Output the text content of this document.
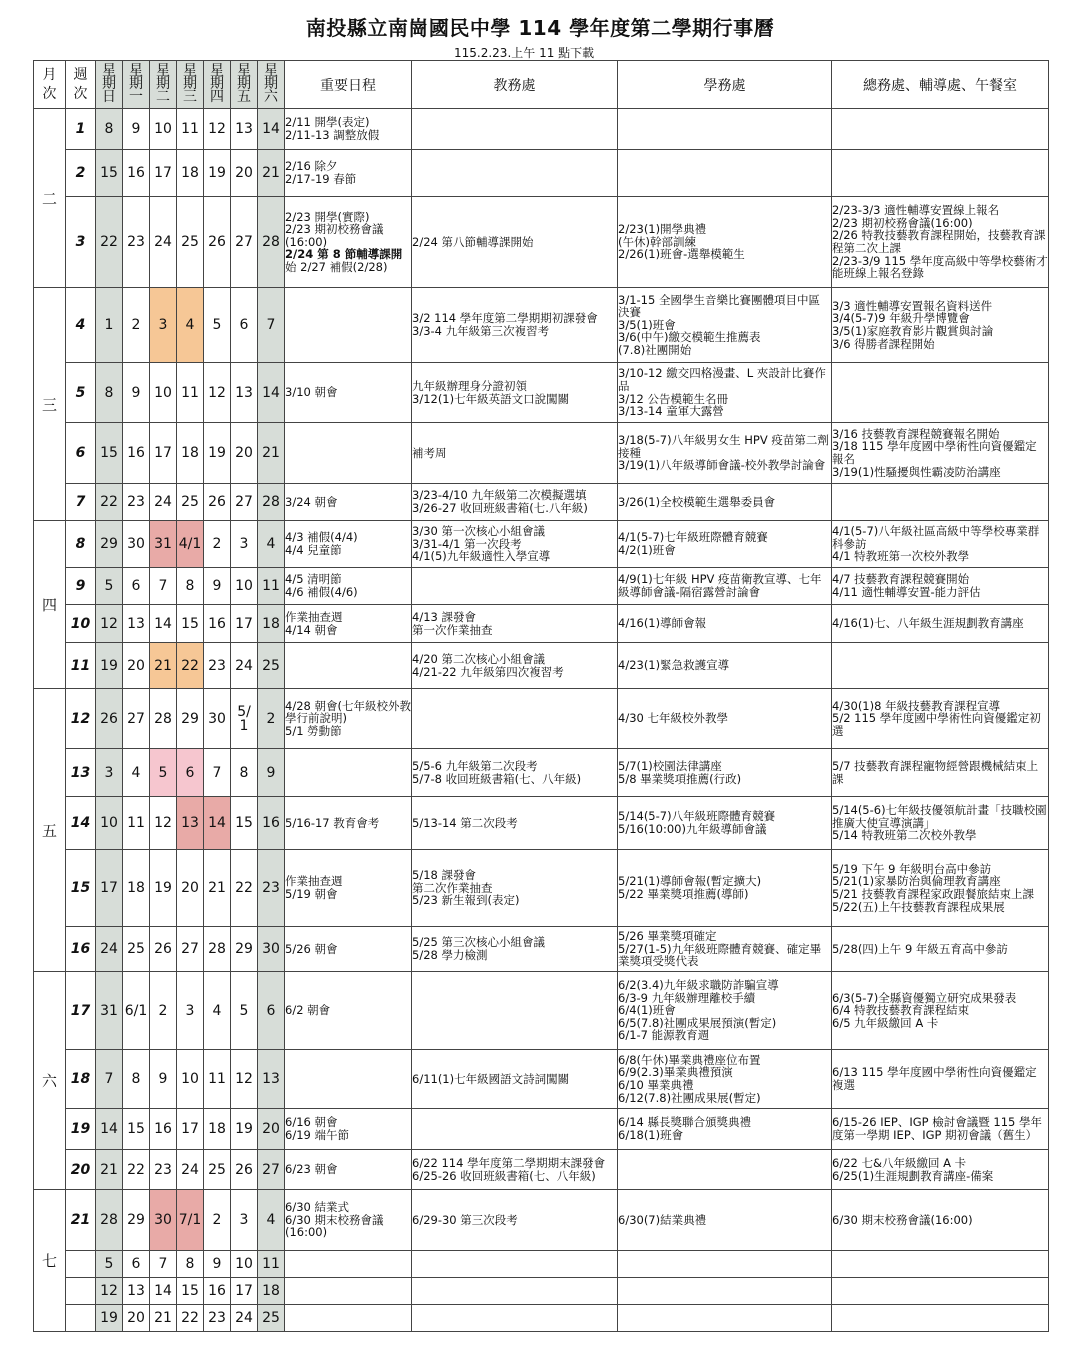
南投縣立南崗國民中學 114 學年度第二學期行事曆
115.2.23.上午 11 點下載
月 次	週 次	星 期 日	星 期 一	星 期 二	星 期 三	星 期 四	星 期 五	星 期 六	重要日程	教務處	學務處	總務處、輔導處、午餐室
二	1	8	9	10	11	12	13	14	2/11 開學(表定)
2/11-13 調整放假			
	2	15	16	17	18	19	20	21	2/16 除夕
2/17-19 春節			
	3	22	23	24	25	26	27	28	2/23 開學(實際)
2/23 期初校務會議
(16:00)
2/24 第 8 節輔導課開
始 2/27 補假(2/28)	2/24 第八節輔導課開始	2/23(1)開學典禮
(午休)幹部訓練
2/26(1)班會-選舉模範生	2/23-3/3 適性輔導安置線上報名
2/23 期初校務會議(16:00)
2/26 特教技藝教育課程開始，技藝教育課程第二次上課
2/23-3/9 115 學年度高級中等學校藝術才能班線上報名登錄
三	4	1	2	3	4	5	6	7		3/2 114 學年度第二學期期初課發會
3/3-4 九年級第三次複習考	3/1-15 全國學生音樂比賽團體項目中區決賽
3/5(1)班會
3/6(中午)繳交模範生推薦表
(7.8)社團開始	3/3 適性輔導安置報名資料送件
3/4(5-7)9 年級升學博覽會
3/5(1)家庭教育影片觀賞與討論
3/6 得勝者課程開始
	5	8	9	10	11	12	13	14	3/10 朝會	九年級辦理身分證初領
3/12(1)七年級英語文口說闖關	3/10-12 繳交四格漫畫、L 夾設計比賽作品
3/12 公告模範生名冊
3/13-14 童軍大露營	
	6	15	16	17	18	19	20	21		補考周	3/18(5-7)八年級男女生 HPV 疫苗第二劑接種
3/19(1)八年級導師會議-校外教學討論會	3/16 技藝教育課程競賽報名開始
3/18 115 學年度國中學術性向資優鑑定報名
3/19(1)性騷擾與性霸凌防治講座
	7	22	23	24	25	26	27	28	3/24 朝會	3/23-4/10 九年級第二次模擬選填
3/26-27 收回班級書箱(七.八年級)	3/26(1)全校模範生選舉委員會	
四	8	29	30	31	4/1	2	3	4	4/3 補假(4/4)
4/4 兒童節	3/30 第一次核心小組會議
3/31-4/1 第一次段考
4/1(5)九年級適性入學宣導	4/1(5-7)七年級班際體育競賽
4/2(1)班會	4/1(5-7)八年級社區高級中等學校專業群科參訪
4/1 特教班第一次校外教學
	9	5	6	7	8	9	10	11	4/5 清明節
4/6 補假(4/6)		4/9(1)七年級 HPV 疫苗衛教宣導、七年級導師會議-隔宿露營討論會	4/7 技藝教育課程競賽開始
4/11 適性輔導安置-能力評估
	10	12	13	14	15	16	17	18	作業抽查週
4/14 朝會	4/13 課發會
第一次作業抽查	4/16(1)導師會報	4/16(1)七、八年級生涯規劃教育講座
	11	19	20	21	22	23	24	25		4/20 第二次核心小組會議
4/21-22 九年級第四次複習考	4/23(1)緊急救護宣導	
五	12	26	27	28	29	30	5/
1	2	4/28 朝會(七年級校外教學行前說明)
5/1 勞動節		4/30 七年級校外教學	4/30(1)8 年級技藝教育課程宣導
5/2 115 學年度國中學術性向資優鑑定初選
	13	3	4	5	6	7	8	9		5/5-6 九年級第二次段考
5/7-8 收回班級書箱(七、八年級)	5/7(1)校園法律講座
5/8 畢業獎項推薦(行政)	5/7 技藝教育課程寵物經營跟機械結束上課
	14	10	11	12	13	14	15	16	5/16-17 教育會考	5/13-14 第二次段考	5/14(5-7)八年級班際體育競賽
5/16(10:00)九年級導師會議	5/14(5-6)七年級技優領航計畫「技職校園推廣大使宣導演講」
5/14 特教班第二次校外教學
	15	17	18	19	20	21	22	23	作業抽查週
5/19 朝會	5/18 課發會
第二次作業抽查
5/23 新生報到(表定)	5/21(1)導師會報(暫定擴大)
5/22 畢業獎項推薦(導師)	5/19 下午 9 年級明台高中參訪
5/21(1)家暴防治與倫理教育講座
5/21 技藝教育課程家政跟餐旅結束上課
5/22(五)上午技藝教育課程成果展
	16	24	25	26	27	28	29	30	5/26 朝會	5/25 第三次核心小組會議
5/28 學力檢測	5/26 畢業獎項確定
5/27(1-5)九年級班際體育競賽、確定畢業獎項受獎代表	5/28(四)上午 9 年級五育高中參訪
六	17	31	6/1	2	3	4	5	6	6/2 朝會		6/2(3.4)九年級求職防詐騙宣導
6/3-9 九年級辦理離校手續
6/4(1)班會
6/5(7.8)社團成果展預演(暫定)
6/1-7 能源教育週	6/3(5-7)全縣資優獨立研究成果發表
6/4 特教技藝教育課程結束
6/5 九年級繳回 A 卡
	18	7	8	9	10	11	12	13		6/11(1)七年級國語文詩詞闖關	6/8(午休)畢業典禮座位布置
6/9(2.3)畢業典禮預演
6/10 畢業典禮
6/12(7.8)社團成果展(暫定)	6/13 115 學年度國中學術性向資優鑑定複選
	19	14	15	16	17	18	19	20	6/16 朝會
6/19 端午節		6/14 縣長獎聯合頒獎典禮
6/18(1)班會	6/15-26 IEP、IGP 檢討會議暨 115 學年度第一學期 IEP、IGP 期初會議（舊生）
	20	21	22	23	24	25	26	27	6/23 朝會	6/22 114 學年度第二學期期末課發會
6/25-26 收回班級書箱(七、八年級)		6/22 七&八年級繳回 A 卡
6/25(1)生涯規劃教育講座-備案
七	21	28	29	30	7/1	2	3	4	6/30 結業式
6/30 期末校務會議
(16:00)	6/29-30 第三次段考	6/30(7)結業典禮	6/30 期末校務會議(16:00)
		5	6	7	8	9	10	11				
		12	13	14	15	16	17	18				
		19	20	21	22	23	24	25				
